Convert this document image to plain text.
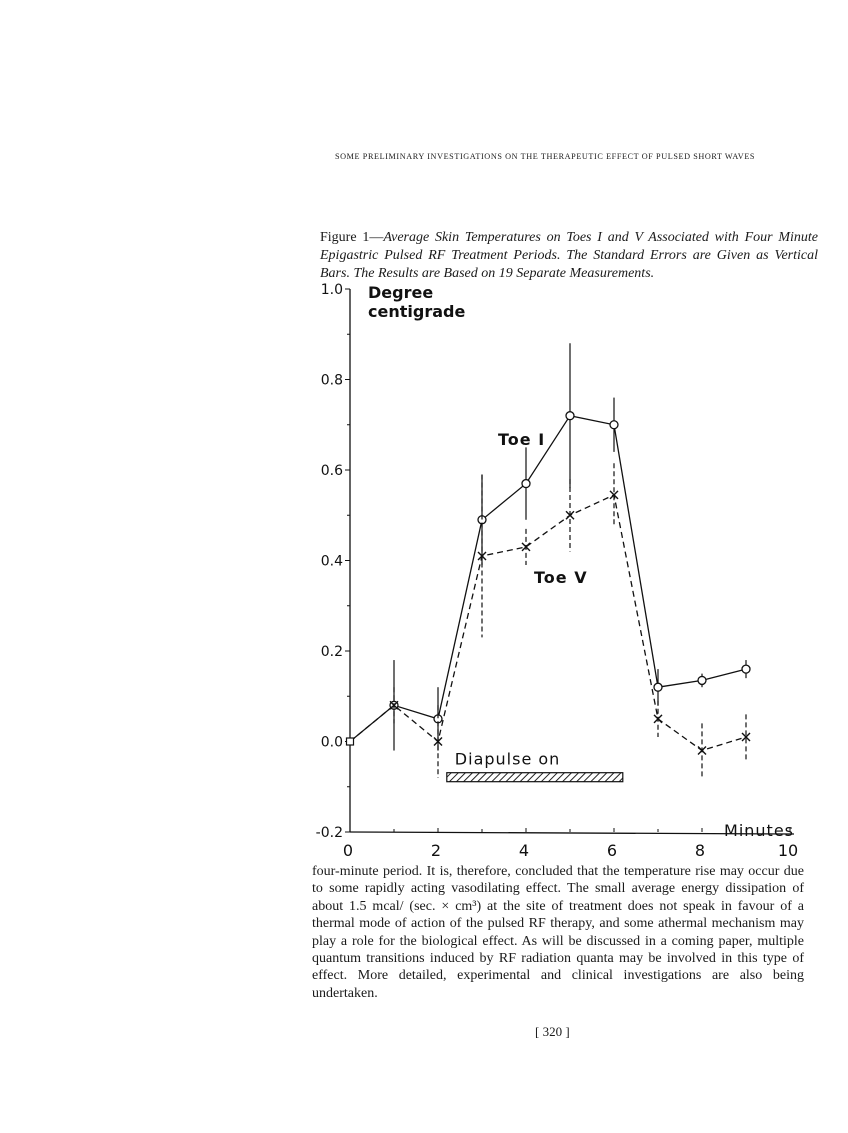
SOME PRELIMINARY INVESTIGATIONS ON THE THERAPEUTIC EFFECT OF PULSED SHORT WAVES
Figure 1—Average Skin Temperatures on Toes I and V Associated with Four Minute Epigastric Pulsed RF Treatment Periods. The Standard Errors are Given as Vertical Bars. The Results are Based on 19 Separate Measurements.
1.0
0.8
0.6
0.4
0.2
0.0
-0.2
0	2	4	6	8	10
Degree
centigrade
Minutes
Diapulse on
Toe I
Toe V

four-minute period. It is, therefore, concluded that the temperature rise may occur due to some rapidly acting vasodilating effect. The small average energy dissipation of about 1.5 mcal/ (sec. × cm³) at the site of treatment does not speak in favour of a thermal mode of action of the pulsed RF therapy, and some athermal mechanism may play a role for the biological effect. As will be discussed in a coming paper, multiple quantum transitions induced by RF radiation quanta may be involved in this type of effect. More detailed, experimental and clinical investigations are also being undertaken.

[ 320 ]
